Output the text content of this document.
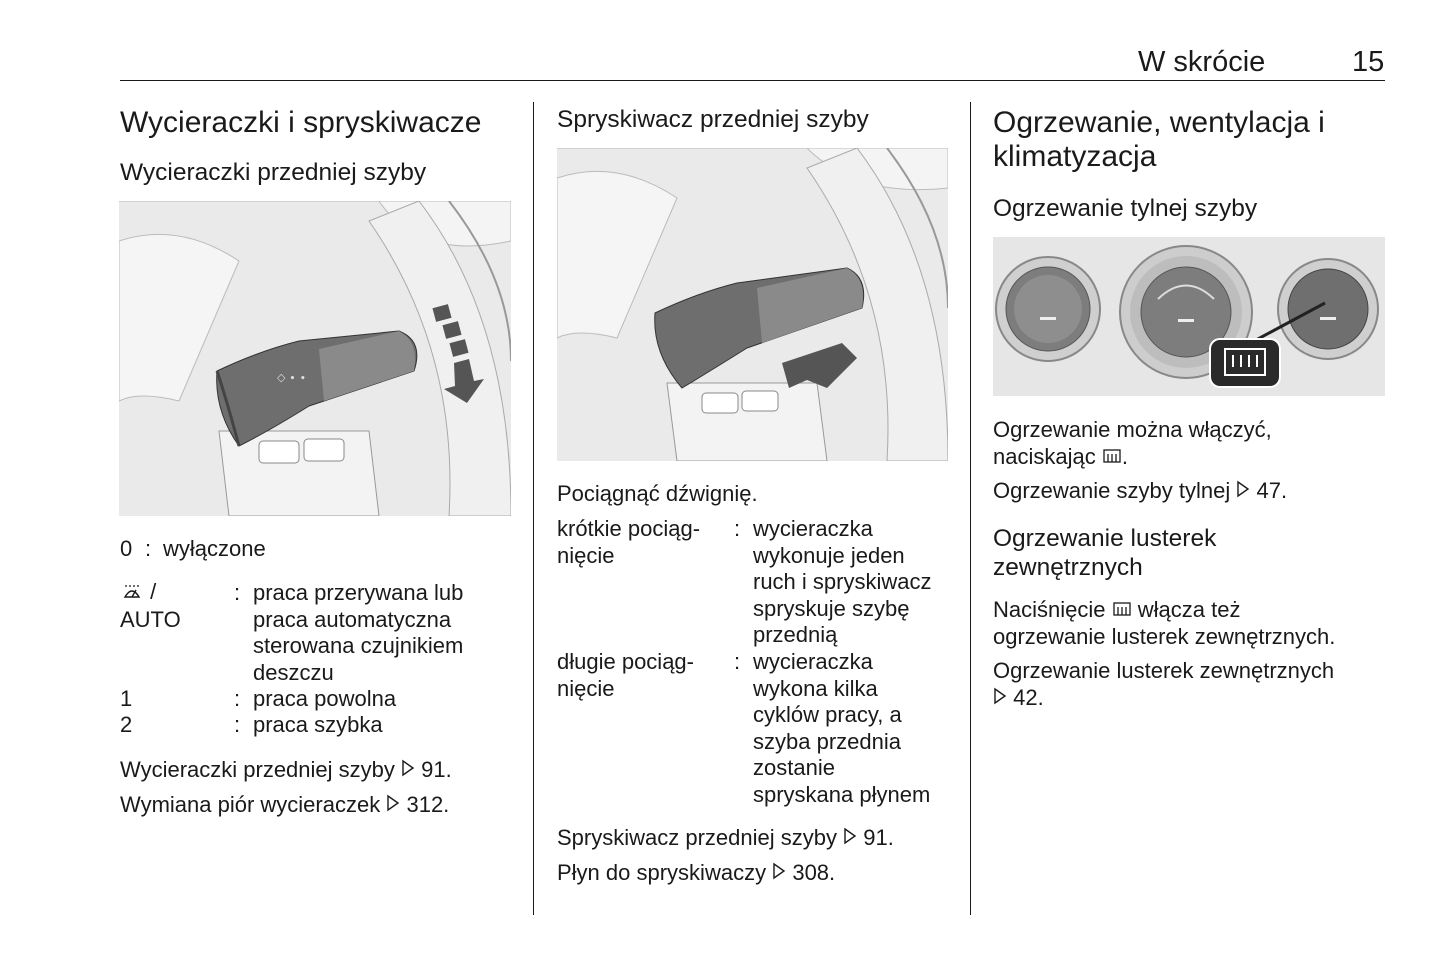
W skrócie	15
Wycieraczki i spryskiwacze
Wycieraczki przedniej szyby
◇ ∙ ∙
0 : wyłączone
/
AUTO
: praca przerywana lub
praca automatyczna
sterowana czujnikiem
deszczu
1	: praca powolna
2	: praca szybka
Wycieraczki przedniej szyby 91.
Wymiana piór wycieraczek 312.
Spryskiwacz przedniej szyby
Pociągnąć dźwignię.
krótkie pociąg-
nięcie
: wycieraczka
wykonuje jeden
ruch i spryskiwacz
spryskuje szybę
przednią
długie pociąg-
nięcie
: wycieraczka
wykona kilka
cyklów pracy, a
szyba przednia
zostanie
spryskana płynem
Spryskiwacz przedniej szyby 91.
Płyn do spryskiwaczy 308.
Ogrzewanie, wentylacja i
klimatyzacja
Ogrzewanie tylnej szyby
Ogrzewanie można włączyć,
naciskając .
Ogrzewanie szyby tylnej 47.
Ogrzewanie lusterek
zewnętrznych
Naciśnięcie włącza też
ogrzewanie lusterek zewnętrznych.
Ogrzewanie lusterek zewnętrznych
42.
